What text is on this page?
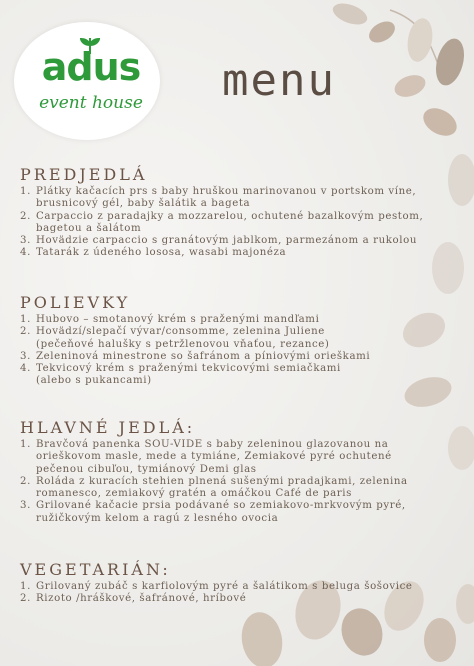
adus
event house	menu
PREDJEDLÁ
1. Plátky kačacích prs s baby hruškou marinovanou v portskom víne,
brusnicový gél, baby šalátik a bageta
2. Carpaccio z paradajky a mozzarelou, ochutené bazalkovým pestom,
bagetou a šalátom
3. Hovädzie carpaccio s granátovým jablkom, parmezánom a rukolou
4. Tatarák z údeného lososa, wasabi majonéza
POLIEVKY
1. Hubovo – smotanový krém s praženými mandľami
2. Hovädzí/slepačí vývar/consomme, zelenina Juliene
(pečeňové halušky s petržlenovou vňaťou, rezance)
3. Zeleninová minestrone so šafránom a píniovými orieškami
4. Tekvicový krém s praženými tekvicovými semiačkami
(alebo s pukancami)
HLAVNÉ JEDLÁ:
1. Bravčová panenka SOU-VIDE s baby zeleninou glazovanou na
orieškovom masle, mede a tymiáne, Zemiakové pyré ochutené
pečenou cibuľou, tymiánový Demi glas
2. Roláda z kuracích stehien plnená sušenými pradajkami, zelenina
romanesco, zemiakový gratén a omáčkou Café de paris
3. Grilované kačacie prsia podávané so zemiakovo-mrkvovým pyré,
ružičkovým kelom a ragú z lesného ovocia
VEGETARIÁN:
1. Grilovaný zubáč s karfiolovým pyré a šalátikom s beluga šošovice
2. Rizoto /hráškové, šafránové, hríbové
